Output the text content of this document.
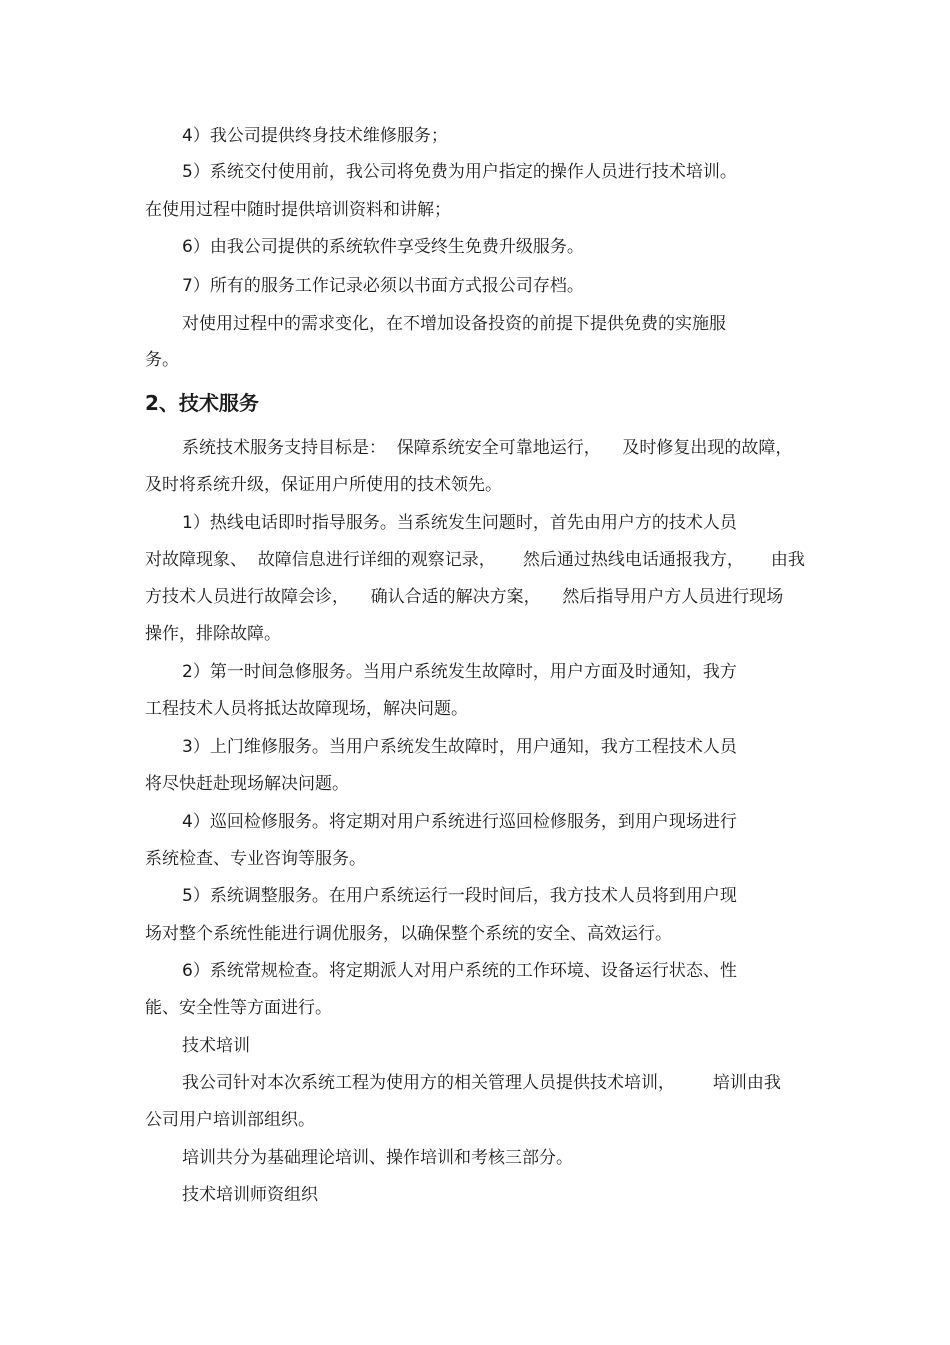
4）我公司提供终身技术维修服务；

5）系统交付使用前，我公司将免费为用户指定的操作人员进行技术培训。

在使用过程中随时提供培训资料和讲解；

6）由我公司提供的系统软件享受终生免费升级服务。

7）所有的服务工作记录必须以书面方式报公司存档。

对使用过程中的需求变化，在不增加设备投资的前提下提供免费的实施服

务。

2、技术服务

系统技术服务支持目标是：  保障系统安全可靠地运行，    及时修复出现的故障，

及时将系统升级，保证用户所使用的技术领先。

1）热线电话即时指导服务。当系统发生问题时，首先由用户方的技术人员

对故障现象、  故障信息进行详细的观察记录，     然后通过热线电话通报我方，     由我

方技术人员进行故障会诊，    确认合适的解决方案，    然后指导用户方人员进行现场

操作，排除故障。

2）第一时间急修服务。当用户系统发生故障时，用户方面及时通知，我方

工程技术人员将抵达故障现场，解决问题。

3）上门维修服务。当用户系统发生故障时，用户通知，我方工程技术人员

将尽快赶赴现场解决问题。

4）巡回检修服务。将定期对用户系统进行巡回检修服务，到用户现场进行

系统检查、专业咨询等服务。

5）系统调整服务。在用户系统运行一段时间后，我方技术人员将到用户现

场对整个系统性能进行调优服务，以确保整个系统的安全、高效运行。

6）系统常规检查。将定期派人对用户系统的工作环境、设备运行状态、性

能、安全性等方面进行。

技术培训

我公司针对本次系统工程为使用方的相关管理人员提供技术培训，       培训由我

公司用户培训部组织。

培训共分为基础理论培训、操作培训和考核三部分。

技术培训师资组织
